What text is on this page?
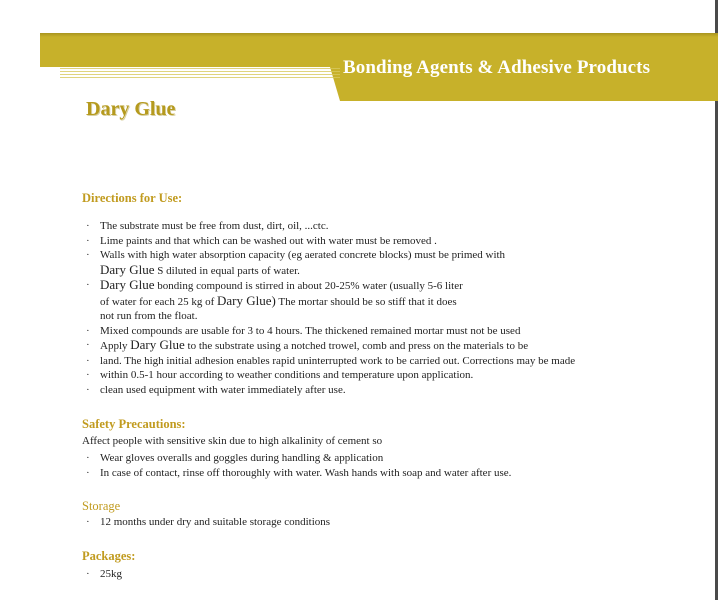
Bonding Agents & Adhesive Products
Dary Glue
Directions for Use:
· The substrate must be free from dust, dirt, oil, ...ctc.
· Lime paints and that which can be washed out with water must be removed .
· Walls with high water absorption capacity (eg aerated concrete blocks) must be primed with
Dary Glue S diluted in equal parts of water.
· Dary Glue bonding compound is stirred in about 20-25% water (usually 5-6 liter
of water for each 25 kg of Dary Glue) The mortar should be so stiff that it does
not run from the float.
· Mixed compounds are usable for 3 to 4 hours. The thickened remained mortar must not be used
· Apply Dary Glue to the substrate using a notched trowel, comb and press on the materials to be
· land. The high initial adhesion enables rapid uninterrupted work to be carried out. Corrections may be made
· within 0.5-1 hour according to weather conditions and temperature upon application.
· clean used equipment with water immediately after use.
Safety Precautions:
Affect people with sensitive skin due to high alkalinity of cement so
· Wear gloves overalls and goggles during handling & application
· In case of contact, rinse off thoroughly with water. Wash hands with soap and water after use.
Storage
· 12 months under dry and suitable storage conditions
Packages:
· 25kg
